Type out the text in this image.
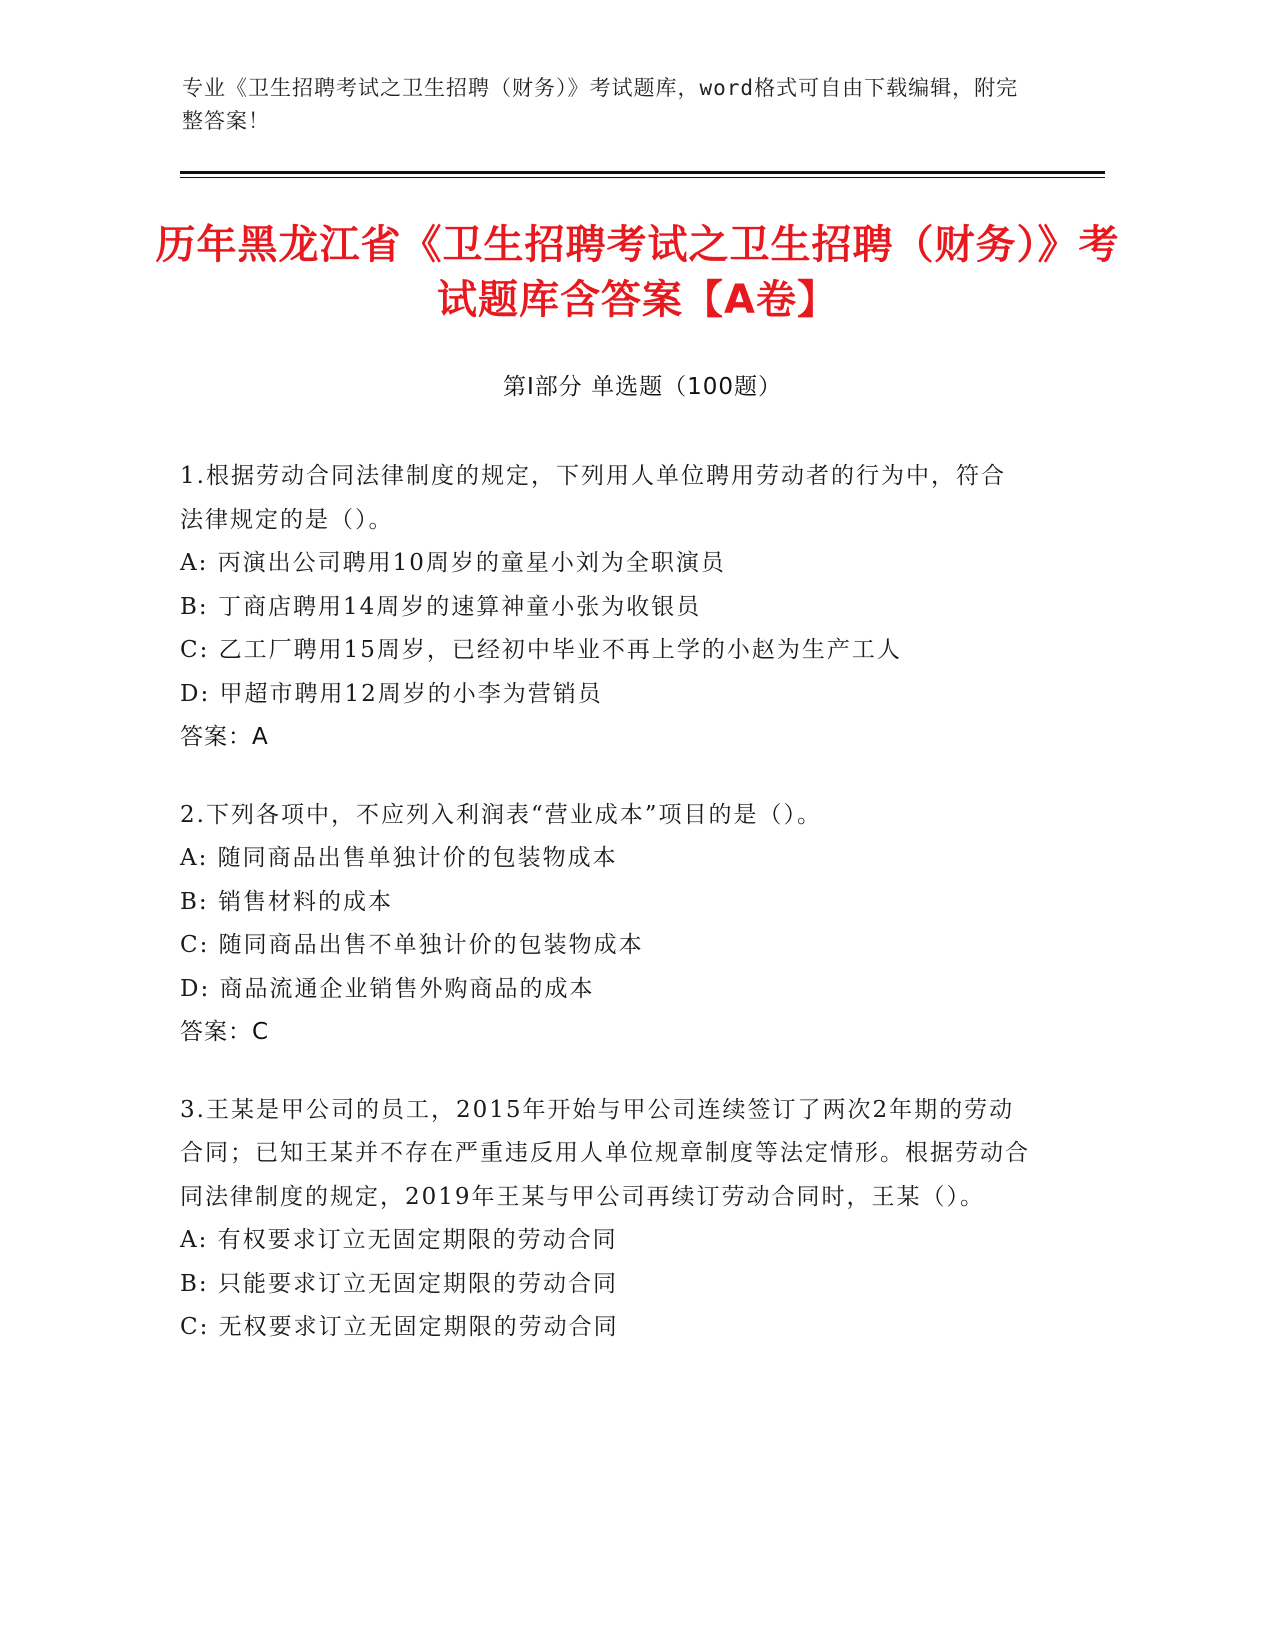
专业《卫生招聘考试之卫生招聘（财务）》考试题库，word格式可自由下载编辑，附完整答案！
历年黑龙江省《卫生招聘考试之卫生招聘（财务）》考试题库含答案【A卷】
第Ⅰ部分 单选题（100题）
1.根据劳动合同法律制度的规定，下列用人单位聘用劳动者的行为中，符合法律规定的是（）。
A: 丙演出公司聘用10周岁的童星小刘为全职演员
B: 丁商店聘用14周岁的速算神童小张为收银员
C: 乙工厂聘用15周岁，已经初中毕业不再上学的小赵为生产工人
D: 甲超市聘用12周岁的小李为营销员
答案：A
2.下列各项中，不应列入利润表“营业成本”项目的是（）。
A: 随同商品出售单独计价的包装物成本
B: 销售材料的成本
C: 随同商品出售不单独计价的包装物成本
D: 商品流通企业销售外购商品的成本
答案：C
3.王某是甲公司的员工，2015年开始与甲公司连续签订了两次2年期的劳动合同；已知王某并不存在严重违反用人单位规章制度等法定情形。根据劳动合同法律制度的规定，2019年王某与甲公司再续订劳动合同时，王某（）。
A: 有权要求订立无固定期限的劳动合同
B: 只能要求订立无固定期限的劳动合同
C: 无权要求订立无固定期限的劳动合同
